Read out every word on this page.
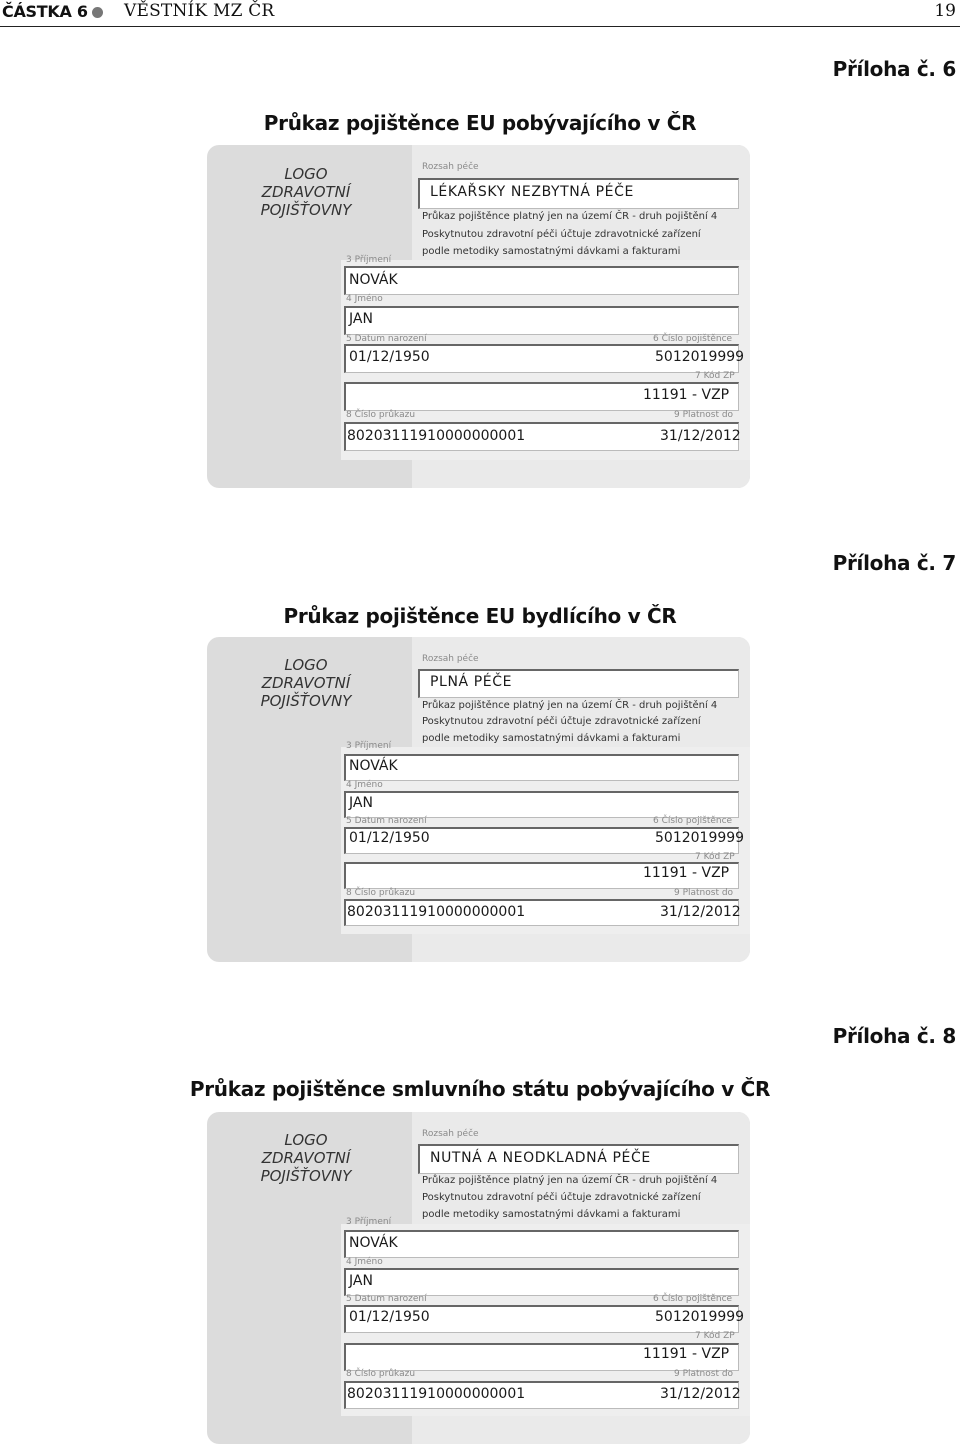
ČÁSTKA 6 VĚSTNÍK MZ ČR	19
Příloha č. 6
Průkaz pojištěnce EU pobývajícího v ČR
LOGO
ZDRAVOTNÍ
POJIŠŤOVNY
Rozsah péče
LÉKAŘSKY NEZBYTNÁ PÉČE
Průkaz pojištěnce platný jen na území ČR - druh pojištění 4
Poskytnutou zdravotní péči účtuje zdravotnické zařízení
podle metodiky samostatnými dávkami a fakturami
3 Příjmení
NOVÁK
4 Jméno
JAN
5 Datum narození	6 Číslo pojištěnce
01/12/1950	5012019999
7 Kód ZP
11191 - VZP
8 Číslo průkazu	9 Platnost do
80203111910000000001	31/12/2012
Příloha č. 7
Průkaz pojištěnce EU bydlícího v ČR
LOGO
ZDRAVOTNÍ
POJIŠŤOVNY
Rozsah péče
PLNÁ PÉČE
Průkaz pojištěnce platný jen na území ČR - druh pojištění 4
Poskytnutou zdravotní péči účtuje zdravotnické zařízení
podle metodiky samostatnými dávkami a fakturami
3 Příjmení
NOVÁK
4 Jméno
JAN
5 Datum narození	6 Číslo pojištěnce
01/12/1950	5012019999
7 Kód ZP
11191 - VZP
8 Číslo průkazu	9 Platnost do
80203111910000000001	31/12/2012
Příloha č. 8
Průkaz pojištěnce smluvního státu pobývajícího v ČR
LOGO
ZDRAVOTNÍ
POJIŠŤOVNY
Rozsah péče
NUTNÁ A NEODKLADNÁ PÉČE
Průkaz pojištěnce platný jen na území ČR - druh pojištění 4
Poskytnutou zdravotní péči účtuje zdravotnické zařízení
podle metodiky samostatnými dávkami a fakturami
3 Příjmení
NOVÁK
4 Jméno
JAN
5 Datum narození	6 Číslo pojištěnce
01/12/1950	5012019999
7 Kód ZP
11191 - VZP
8 Číslo průkazu	9 Platnost do
80203111910000000001	31/12/2012
